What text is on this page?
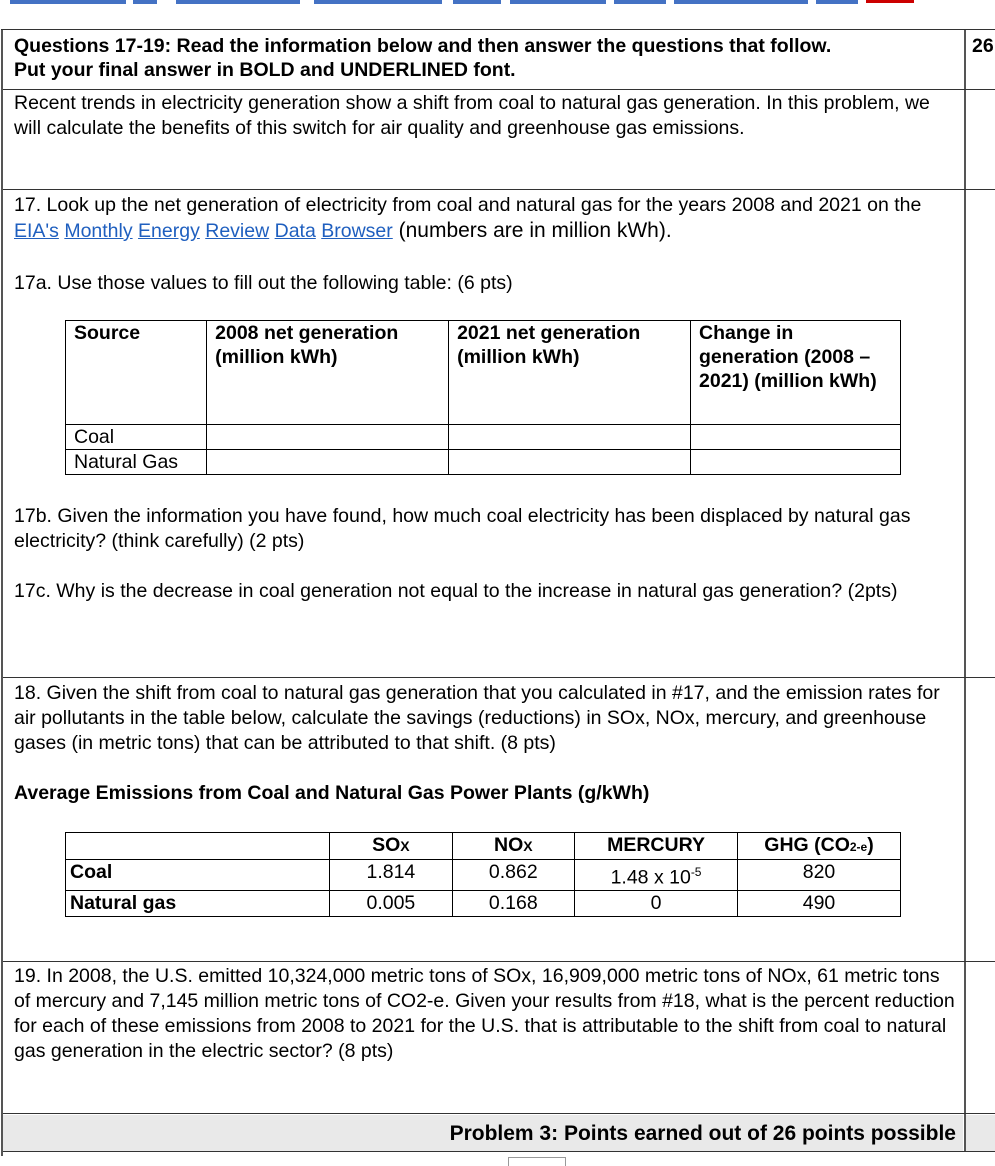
Questions 17-19: Read the information below and then answer the questions that follow.
Put your final answer in BOLD and UNDERLINED font.
26
Recent trends in electricity generation show a shift from coal to natural gas generation. In this problem, we will calculate the benefits of this switch for air quality and greenhouse gas emissions.
17. Look up the net generation of electricity from coal and natural gas for the years 2008 and 2021 on the EIA's Monthly Energy Review Data Browser (numbers are in million kWh).
17a. Use those values to fill out the following table: (6 pts)
Source	2008 net generation (million kWh)	2021 net generation (million kWh)	Change in generation (2008 – 2021) (million kWh)
Coal			
Natural Gas			
17b. Given the information you have found, how much coal electricity has been displaced by natural gas electricity? (think carefully) (2 pts)
17c. Why is the decrease in coal generation not equal to the increase in natural gas generation? (2pts)
18. Given the shift from coal to natural gas generation that you calculated in #17, and the emission rates for air pollutants in the table below, calculate the savings (reductions) in SOx, NOx, mercury, and greenhouse gases (in metric tons) that can be attributed to that shift. (8 pts)
Average Emissions from Coal and Natural Gas Power Plants (g/kWh)
	SOX	NOX	MERCURY	GHG (CO2-e)
Coal	1.814	0.862	1.48 x $10^{-5}$	820
Natural gas	0.005	0.168	0	490
19. In 2008, the U.S. emitted 10,324,000 metric tons of SOx, 16,909,000 metric tons of NOx, 61 metric tons of mercury and 7,145 million metric tons of CO2-e. Given your results from #18, what is the percent reduction for each of these emissions from 2008 to 2021 for the U.S. that is attributable to the shift from coal to natural gas generation in the electric sector? (8 pts)
Problem 3: Points earned out of 26 points possible
